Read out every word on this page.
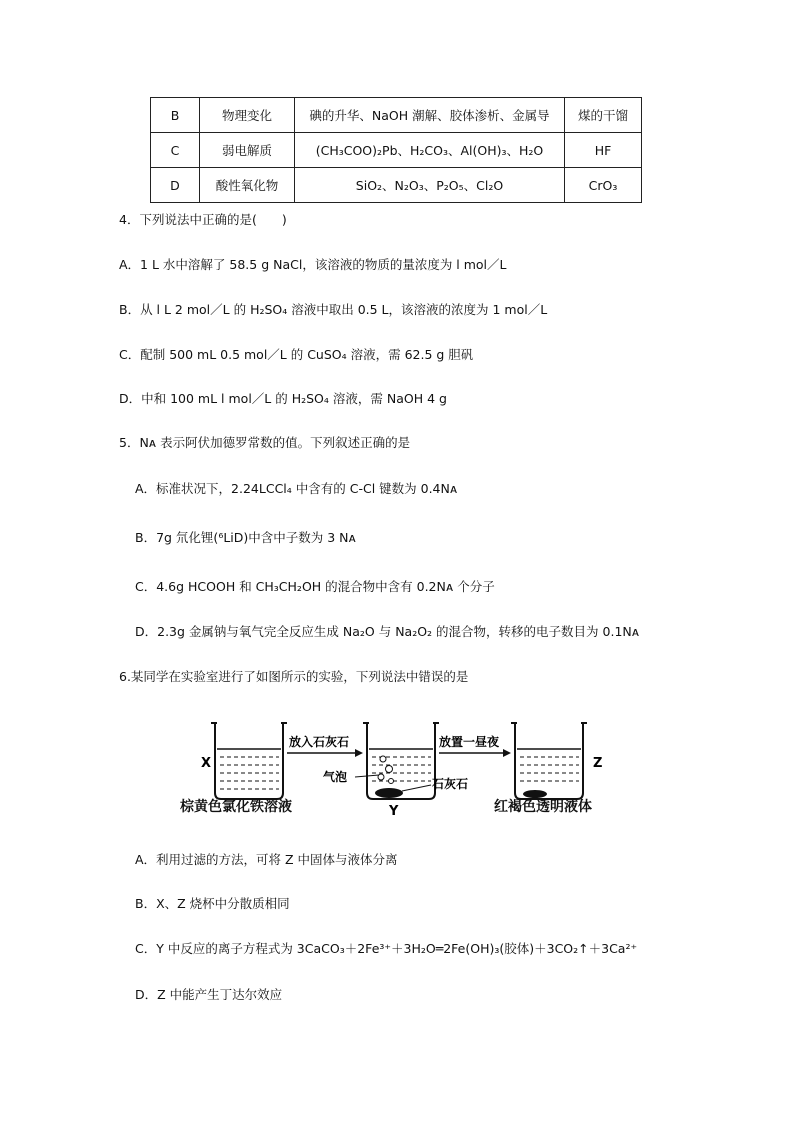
B	物理变化	碘的升华、NaOH 潮解、胶体渗析、金属导	煤的干馏
C	弱电解质	(CH₃COO)₂Pb、H₂CO₃、Al(OH)₃、H₂O	HF
D	酸性氧化物	SiO₂、N₂O₃、P₂O₅、Cl₂O	CrO₃
4．下列说法中正确的是(　　)
A．1 L 水中溶解了 58.5 g NaCl，该溶液的物质的量浓度为 l mol／L
B．从 l L 2 mol／L 的 H₂SO₄ 溶液中取出 0.5 L，该溶液的浓度为 1 mol／L
C．配制 500 mL 0.5 mol／L 的 CuSO₄ 溶液，需 62.5 g 胆矾
D．中和 100 mL l mol／L 的 H₂SO₄ 溶液，需 NaOH 4 g
5．Nᴀ 表示阿伏加德罗常数的值。下列叙述正确的是
A．标准状况下，2.24LCCl₄ 中含有的 C-Cl 键数为 0.4Nᴀ
B．7g 氘化锂(⁶LiD)中含中子数为 3 Nᴀ
C．4.6g HCOOH 和 CH₃CH₂OH 的混合物中含有 0.2Nᴀ 个分子
D．2.3g 金属钠与氧气完全反应生成 Na₂O 与 Na₂O₂ 的混合物，转移的电子数目为 0.1Nᴀ
6.某同学在实验室进行了如图所示的实验，下列说法中错误的是
X
放入石灰石
气泡	石灰石
Y
放置一昼夜
Z
棕黄色氯化铁溶液	红褐色透明液体
A．利用过滤的方法，可将 Z 中固体与液体分离
B．X、Z 烧杯中分散质相同
C．Y 中反应的离子方程式为 3CaCO₃＋2Fe³⁺＋3H₂O═2Fe(OH)₃(胶体)＋3CO₂↑＋3Ca²⁺
D．Z 中能产生丁达尔效应
